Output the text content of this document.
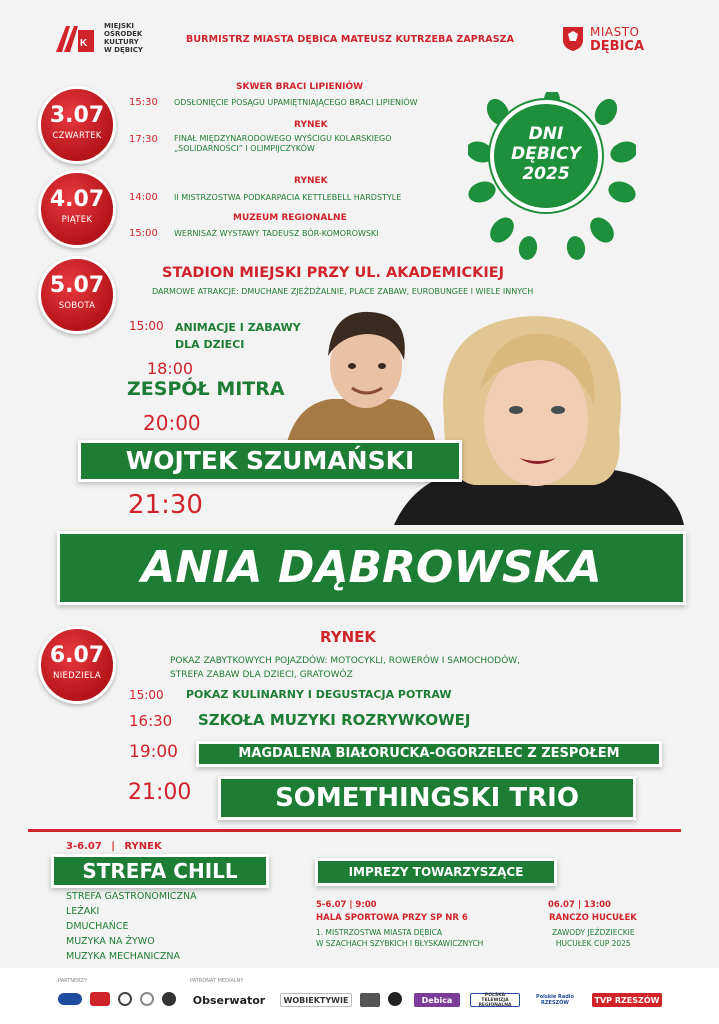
K
MIEJSKI
OŚRODEK
KULTURY
W DĘBICY
BURMISTRZ MIASTA DĘBICA MATEUSZ KUTRZEBA ZAPRASZA
MIASTO
DĘBICA
DNI
DĘBICY
2025
3.07
CZWARTEK
SKWER BRACI LIPIENIÓW
15:30 ODSŁONIĘCIE POSĄGU UPAMIĘTNIAJĄCEGO BRACI LIPIENIÓW
RYNEK
17:30 FINAŁ MIĘDZYNARODOWEGO WYŚCIGU KOLARSKIEGO
„SOLIDARNOŚCI” I OLIMPIJCZYKÓW
4.07
PIĄTEK
RYNEK
14:00 II MISTRZOSTWA PODKARPACIA KETTLEBELL HARDSTYLE
MUZEUM REGIONALNE
15:00 WERNISAŻ WYSTAWY TADEUSZ BÓR-KOMOROWSKI
5.07
SOBOTA
STADION MIEJSKI PRZY UL. AKADEMICKIEJ
DARMOWE ATRAKCJE: DMUCHANE ZJEŻDŻALNIE, PLACE ZABAW, EUROBUNGEE I WIELE INNYCH
15:00 ANIMACJE I ZABAWY
DLA DZIECI
18:00
ZESPÓŁ MITRA
20:00
WOJTEK SZUMAŃSKI
21:30
ANIA DĄBROWSKA
6.07
NIEDZIELA
RYNEK
POKAZ ZABYTKOWYCH POJAZDÓW: MOTOCYKLI, ROWERÓW I SAMOCHODÓW,
STREFA ZABAW DLA DZIECI, GRATOWÓZ
15:00 POKAZ KULINARNY I DEGUSTACJA POTRAW
16:30 SZKOŁA MUZYKI ROZRYWKOWEJ
19:00	MAGDALENA BIAŁORUCKA-OGORZELEC Z ZESPOŁEM
21:00	SOMETHINGSKI TRIO
3-6.07 | RYNEK
STREFA CHILL
STREFA GASTRONOMICZNA
LEŻAKI
DMUCHAŃCE
MUZYKA NA ŻYWO
MUZYKA MECHANICZNA
IMPREZY TOWARZYSZĄCE
5-6.07 | 9:00
HALA SPORTOWA PRZY SP NR 6
1. MISTRZOSTWA MIASTA DĘBICA
W SZACHACH SZYBKICH I BŁYSKAWICZNYCH
06.07 | 13:00
RANCZO HUCUŁEK
ZAWODY JEŹDZIECKIE
HUCUŁEK CUP 2025
PARTNERZY	PATRONAT MEDIALNY
Obserwator	WOBIEKTYWIE	Debica
POLSKA TELEWIZJA REGIONALNA
Polskie Radio RZESZÓW	TVP RZESZÓW
